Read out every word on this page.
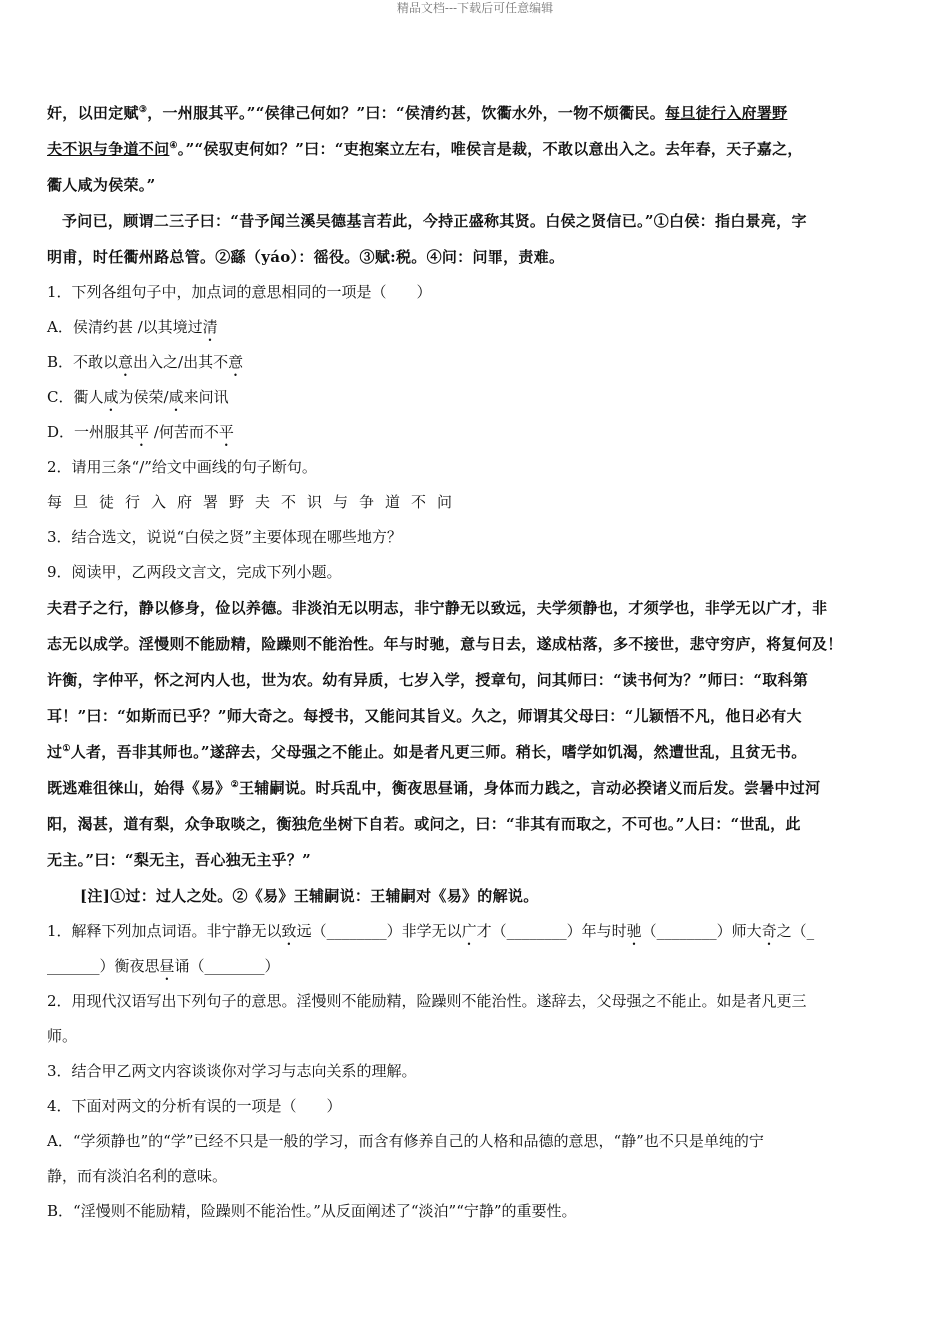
精品文档---下载后可任意编辑

奸，以田定赋③，一州服其平。”“侯律己何如？”曰：“侯清约甚，饮衢水外，一物不烦衢民。每旦徒行入府署野

夫不识与争道不问④。”“侯驭吏何如？”曰：“吏抱案立左右，唯侯言是裁，不敢以意出入之。去年春，天子嘉之，

衢人咸为侯荣。”

予问已，顾谓二三子曰：“昔予闻兰溪吴德基言若此，今持正盛称其贤。白侯之贤信已。”①白侯：指白景亮，字

明甫，时任衢州路总管。②繇（yáo）：徭役。③赋:税。④问：问罪，责难。

1．下列各组句子中，加点词的意思相同的一项是（　　）

A．侯清约甚 /以其境过清

B．不敢以意出入之/出其不意

C．衢人咸为侯荣/咸来问讯

D．一州服其平 /何苦而不平

2．请用三条“/”给文中画线的句子断句。

每旦徒行入府署野夫不识与争道不问

3．结合选文，说说“白侯之贤”主要体现在哪些地方？

9．阅读甲，乙两段文言文，完成下列小题。

夫君子之行，静以修身，俭以养德。非淡泊无以明志，非宁静无以致远，夫学须静也，才须学也，非学无以广才，非

志无以成学。淫慢则不能励精，险躁则不能治性。年与时驰，意与日去，遂成枯落，多不接世，悲守穷庐，将复何及！

许衡，字仲平，怀之河内人也，世为农。幼有异质，七岁入学，授章句，问其师曰：“读书何为？”师曰：“取科第

耳！”曰：“如斯而已乎？”师大奇之。每授书，又能问其旨义。久之，师谓其父母曰：“儿颖悟不凡，他日必有大

过①人者，吾非其师也。”遂辞去，父母强之不能止。如是者凡更三师。稍长，嗜学如饥渴，然遭世乱，且贫无书。

既逃难徂徕山，始得《易》②王辅嗣说。时兵乱中，衡夜思昼诵，身体而力践之，言动必揆诸义而后发。尝暑中过河

阳，渴甚，道有梨，众争取啖之，衡独危坐树下自若。或问之，曰：“非其有而取之，不可也。”人曰：“世乱，此

无主。”曰：“梨无主，吾心独无主乎？”

[注]①过：过人之处。②《易》王辅嗣说：王辅嗣对《易》的解说。

1．解释下列加点词语。非宁静无以致远（________）非学无以广才（________）年与时驰（________）师大奇之（_

_______）衡夜思昼诵（________）

2．用现代汉语写出下列句子的意思。淫慢则不能励精，险躁则不能治性。遂辞去，父母强之不能止。如是者凡更三

师。

3．结合甲乙两文内容谈谈你对学习与志向关系的理解。

4．下面对两文的分析有误的一项是（　　）

A．“学须静也”的“学”已经不只是一般的学习，而含有修养自己的人格和品德的意思，“静”也不只是单纯的宁

静，而有淡泊名利的意味。

B．“淫慢则不能励精，险躁则不能治性。”从反面阐述了“淡泊”“宁静”的重要性。
